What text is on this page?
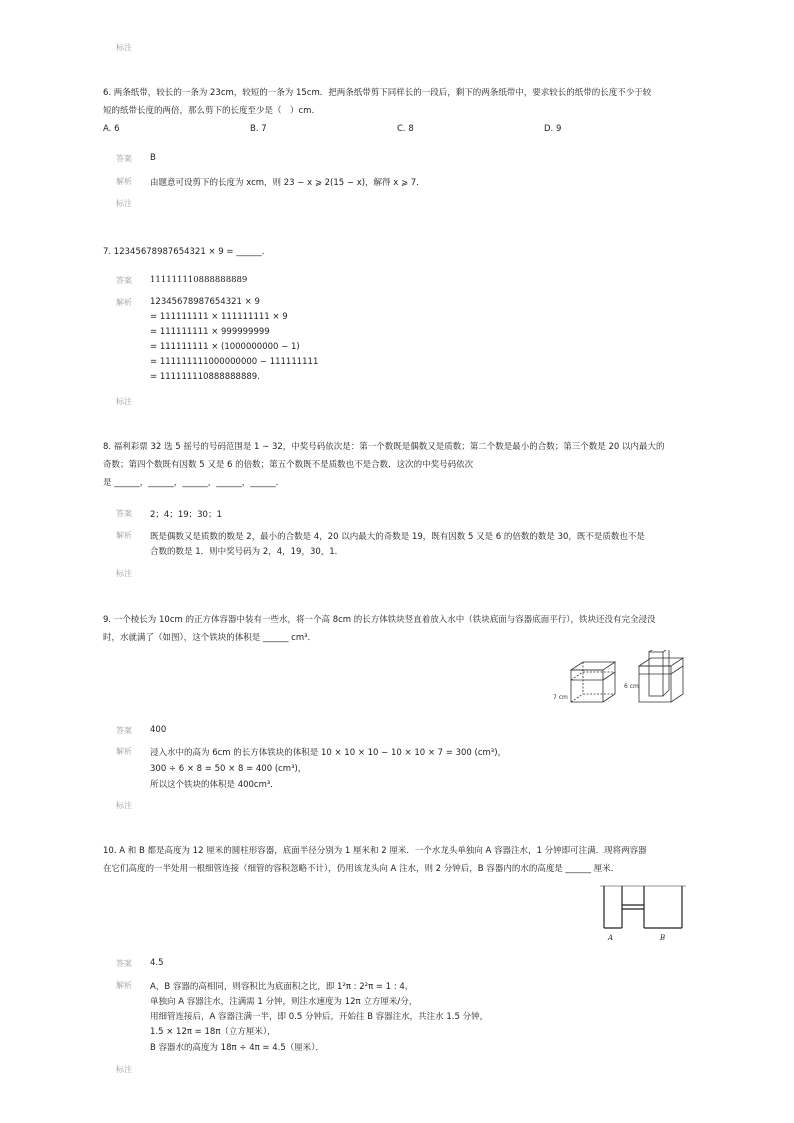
标注
6. 两条纸带，较长的一条为 23cm，较短的一条为 15cm．把两条纸带剪下同样长的一段后，剩下的两条纸带中，要求较长的纸带的长度不少于较
短的纸带长度的两倍，那么剪下的长度至少是（　）cm.
A. 6	B. 7	C. 8	D. 9
答案 B
解析 由题意可设剪下的长度为 xcm，则 23 − x ⩾ 2(15 − x)，解得 x ⩾ 7．
标注
7. 12345678987654321 × 9 = ______．
答案 111111110888888889
解析 12345678987654321 × 9
= 111111111 × 111111111 × 9
= 111111111 × 999999999
= 111111111 × (1000000000 − 1)
= 111111111000000000 − 111111111
= 111111110888888889.
标注
8. 福利彩票 32 选 5 摇号的号码范围是 1 ∼ 32，中奖号码依次是：第一个数既是偶数又是质数；第二个数是最小的合数；第三个数是 20 以内最大的
奇数；第四个数既有因数 5 又是 6 的倍数；第五个数既不是质数也不是合数．这次的中奖号码依次
是 ______，______，______，______，______．
答案 2；4；19；30；1
解析 既是偶数又是质数的数是 2，最小的合数是 4，20 以内最大的奇数是 19，既有因数 5 又是 6 的倍数的数是 30，既不是质数也不是
合数的数是 1．则中奖号码为 2，4，19，30，1．
标注
9. 一个棱长为 10cm 的正方体容器中装有一些水，将一个高 8cm 的长方体铁块竖直着放入水中（铁块底面与容器底面平行），铁块还没有完全浸没
时，水就满了（如图），这个铁块的体积是 ______ cm³．
7 cm
6 cm
答案 400
解析 浸入水中的高为 6cm 的长方体铁块的体积是 10 × 10 × 10 − 10 × 10 × 7 = 300 (cm³)，
300 ÷ 6 × 8 = 50 × 8 = 400 (cm³)，
所以这个铁块的体积是 400cm³．
标注
10. A 和 B 都是高度为 12 厘米的圆柱形容器，底面半径分别为 1 厘米和 2 厘米．一个水龙头单独向 A 容器注水，1 分钟即可注满．现将两容器
在它们高度的一半处用一根细管连接（细管的容积忽略不计），仍用该龙头向 A 注水，则 2 分钟后，B 容器内的水的高度是 ______ 厘米．
A	B
答案 4.5
解析 A，B 容器的高相同，则容积比为底面积之比，即 1²π : 2²π = 1 : 4，
单独向 A 容器注水，注满需 1 分钟，则注水速度为 12π 立方厘米/分，
用细管连接后，A 容器注满一半，即 0.5 分钟后，开始往 B 容器注水，共注水 1.5 分钟，
1.5 × 12π = 18π（立方厘米），
B 容器水的高度为 18π ÷ 4π = 4.5（厘米）．
标注
